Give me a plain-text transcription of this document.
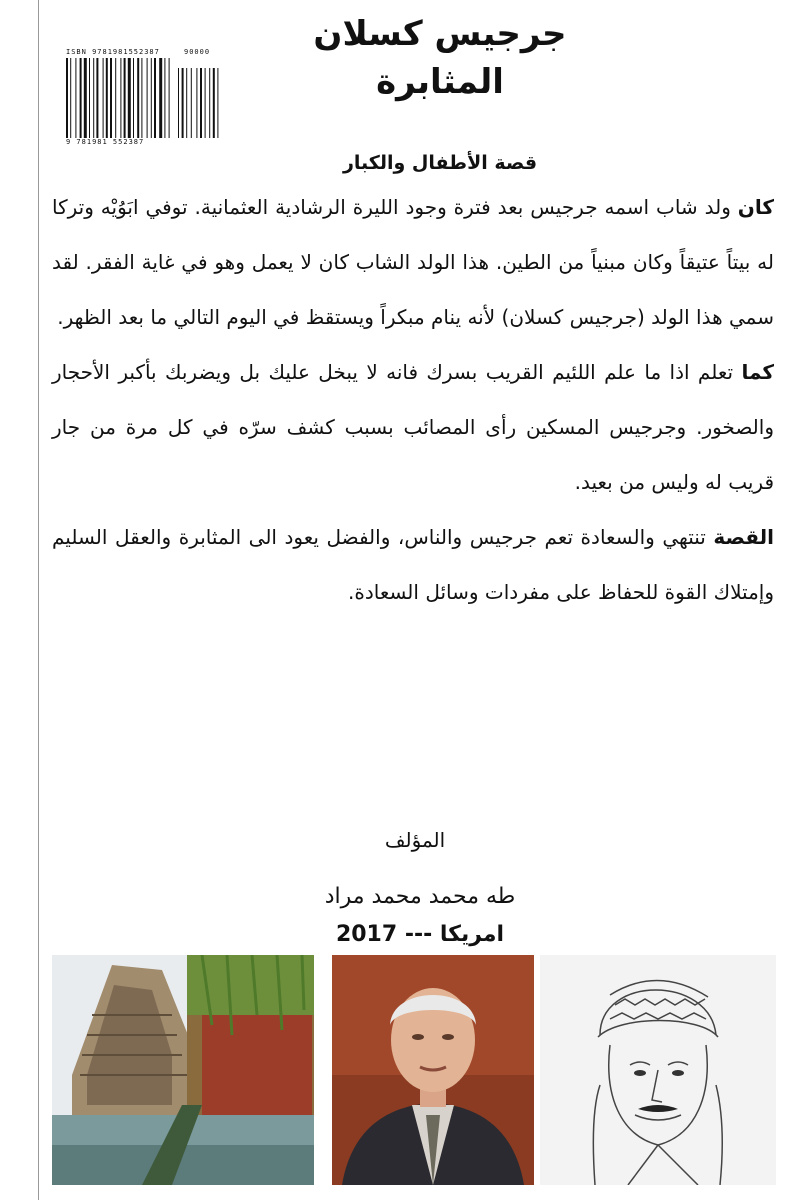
ISBN 9781981552387	90000
9 781981 552387
جرجيس كسلان
المثابرة
قصة الأطفال والكبار

كان ولد شاب اسمه جرجيس بعد فترة وجود الليرة الرشادية العثمانية. توفي ابَوُيْه وتركا له بيتاً عتيقاً وكان مبنياً من الطين. هذا الولد الشاب كان لا يعمل وهو في غاية الفقر. لقد سمي هذا الولد (جرجيس كسلان) لأنه ينام مبكراً ويستقظ في اليوم التالي ما بعد الظهر.

كما تعلم اذا ما علم اللئيم القريب بسرك فانه لا يبخل عليك بل ويضربك بأكبر الأحجار والصخور. وجرجيس المسكين رأى المصائب بسبب كشف سرّه في كل مرة من جار قريب له وليس من بعيد.

القصة تنتهي والسعادة تعم جرجيس والناس، والفضل يعود الى المثابرة والعقل السليم وإمتلاك القوة للحفاظ على مفردات وسائل السعادة.

المؤلف
طه محمد محمد مراد
امريكا --- 2017
